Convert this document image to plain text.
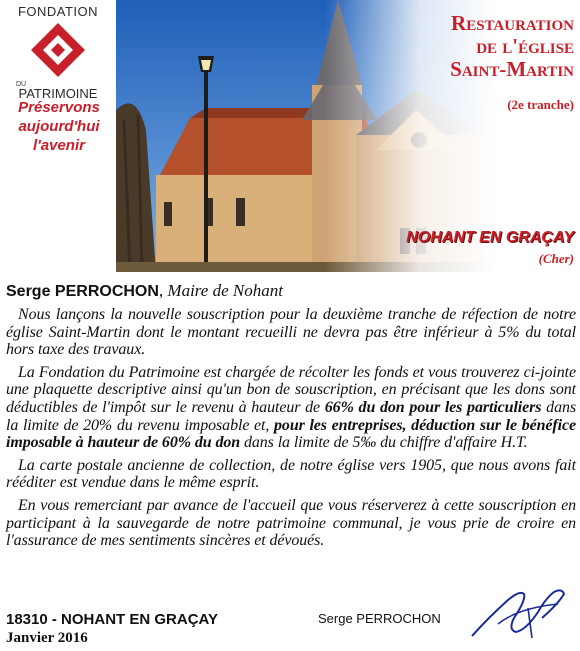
FONDATION
DU
PATRIMOINE
Préservons
aujourd'hui
l'avenir
Restauration
de l'église
Saint-Martin
(2e tranche)
NOHANT EN GRAÇAY
(Cher)
Serge PERROCHON, Maire de Nohant

Nous lançons la nouvelle souscription pour la deuxième tranche de réfection de notre église Saint-Martin dont le montant recueilli ne devra pas être inférieur à 5% du total hors taxe des travaux.

La Fondation du Patrimoine est chargée de récolter les fonds et vous trouverez ci-jointe une plaquette descriptive ainsi qu'un bon de souscription, en précisant que les dons sont déductibles de l'impôt sur le revenu à hauteur de 66% du don pour les particuliers dans la limite de 20% du revenu imposable et, pour les entreprises, déduction sur le bénéfice imposable à hauteur de 60% du don dans la limite de 5‰ du chiffre d'affaire H.T.

La carte postale ancienne de collection, de notre église vers 1905, que nous avons fait rééditer est vendue dans le même esprit.

En vous remerciant par avance de l'accueil que vous réserverez à cette souscription en participant à la sauvegarde de notre patrimoine communal, je vous prie de croire en l'assurance de mes sentiments sincères et dévoués.

18310 - NOHANT EN GRAÇAY
Janvier 2016
Serge PERROCHON
